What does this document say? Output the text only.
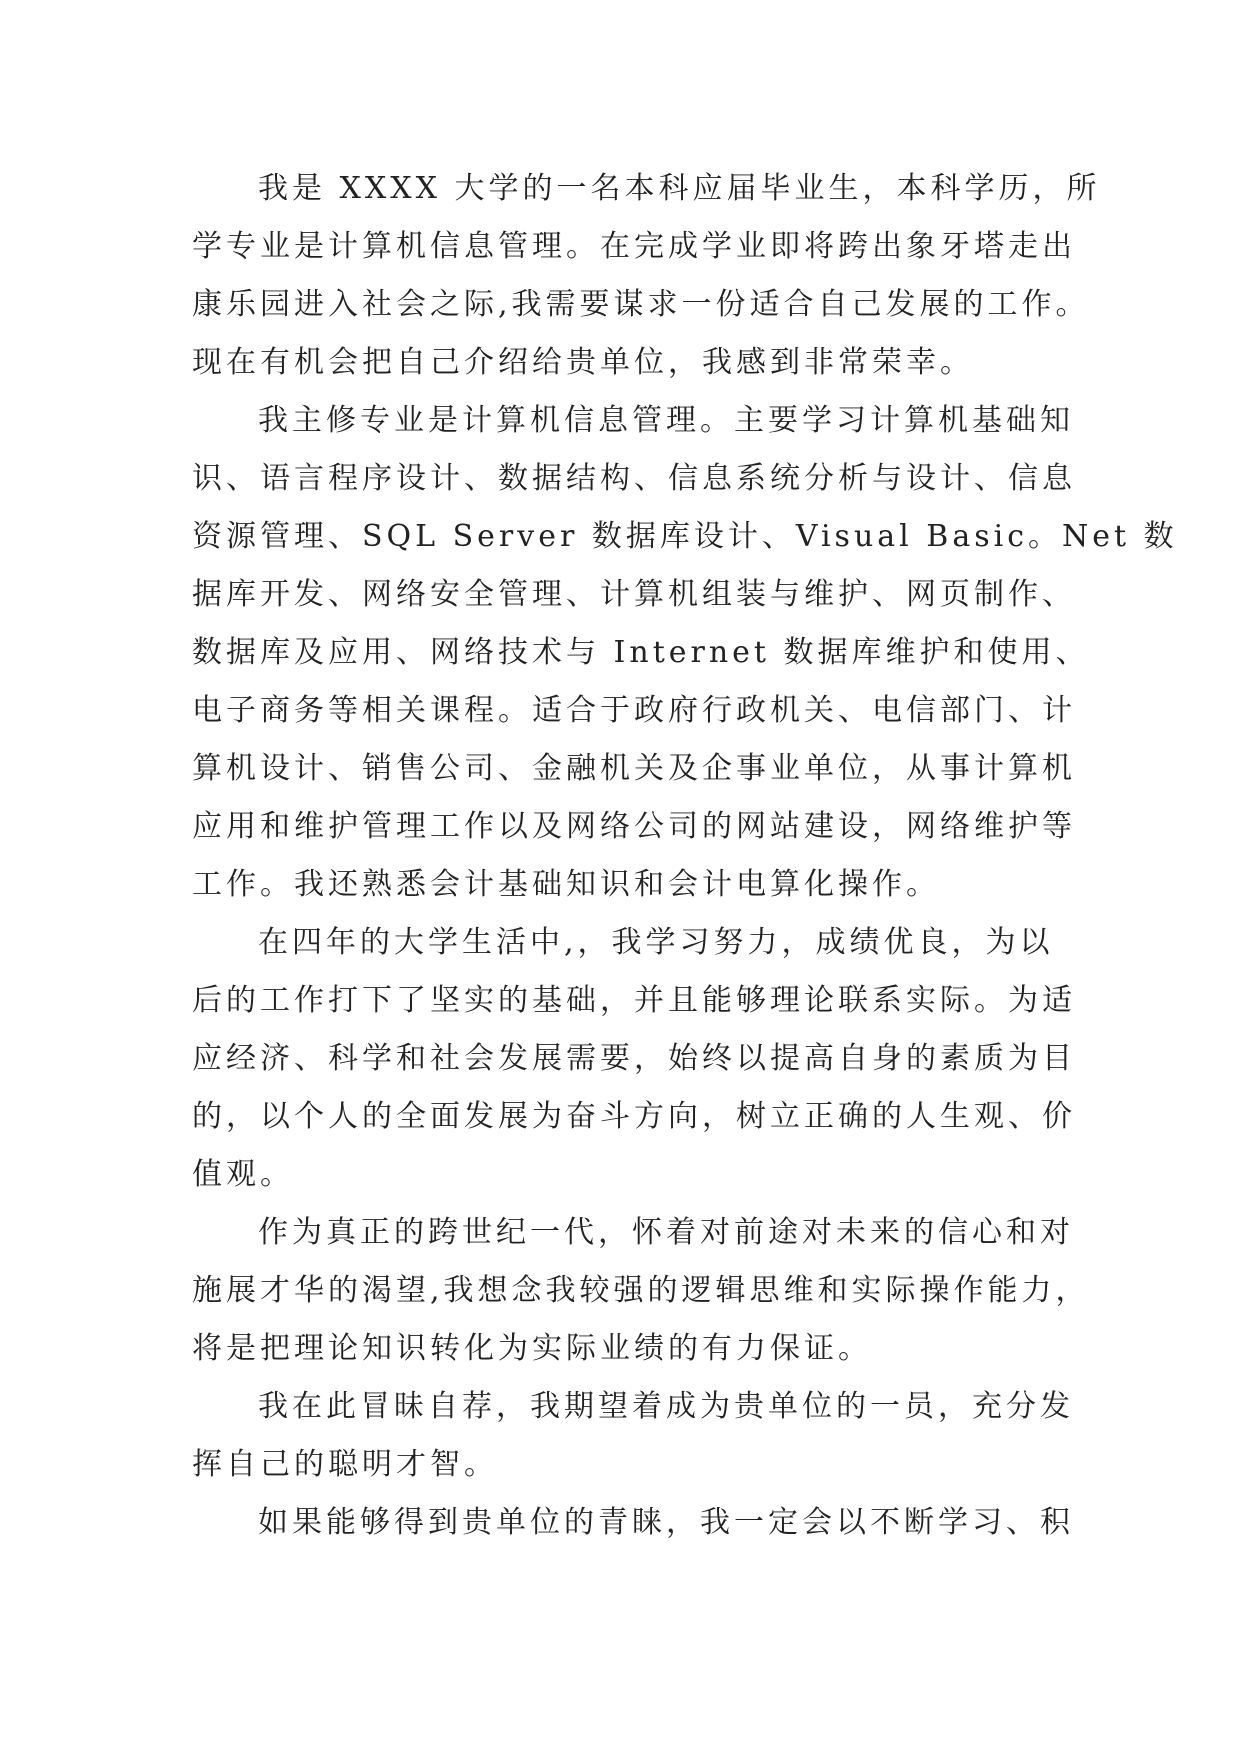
我是 XXXX 大学的一名本科应届毕业生，本科学历，所
学专业是计算机信息管理。在完成学业即将跨出象牙塔走出
康乐园进入社会之际,我需要谋求一份适合自己发展的工作。
现在有机会把自己介绍给贵单位，我感到非常荣幸。
我主修专业是计算机信息管理。主要学习计算机基础知
识、语言程序设计、数据结构、信息系统分析与设计、信息
资源管理、SQL Server 数据库设计、Visual Basic。Net 数
据库开发、网络安全管理、计算机组装与维护、网页制作、
数据库及应用、网络技术与 Internet 数据库维护和使用、
电子商务等相关课程。适合于政府行政机关、电信部门、计
算机设计、销售公司、金融机关及企事业单位，从事计算机
应用和维护管理工作以及网络公司的网站建设，网络维护等
工作。我还熟悉会计基础知识和会计电算化操作。
在四年的大学生活中,，我学习努力，成绩优良，为以
后的工作打下了坚实的基础，并且能够理论联系实际。为适
应经济、科学和社会发展需要，始终以提高自身的素质为目
的，以个人的全面发展为奋斗方向，树立正确的人生观、价
值观。
作为真正的跨世纪一代，怀着对前途对未来的信心和对
施展才华的渴望,我想念我较强的逻辑思维和实际操作能力，
将是把理论知识转化为实际业绩的有力保证。
我在此冒昧自荐，我期望着成为贵单位的一员，充分发
挥自己的聪明才智。
如果能够得到贵单位的青睐，我一定会以不断学习、积
